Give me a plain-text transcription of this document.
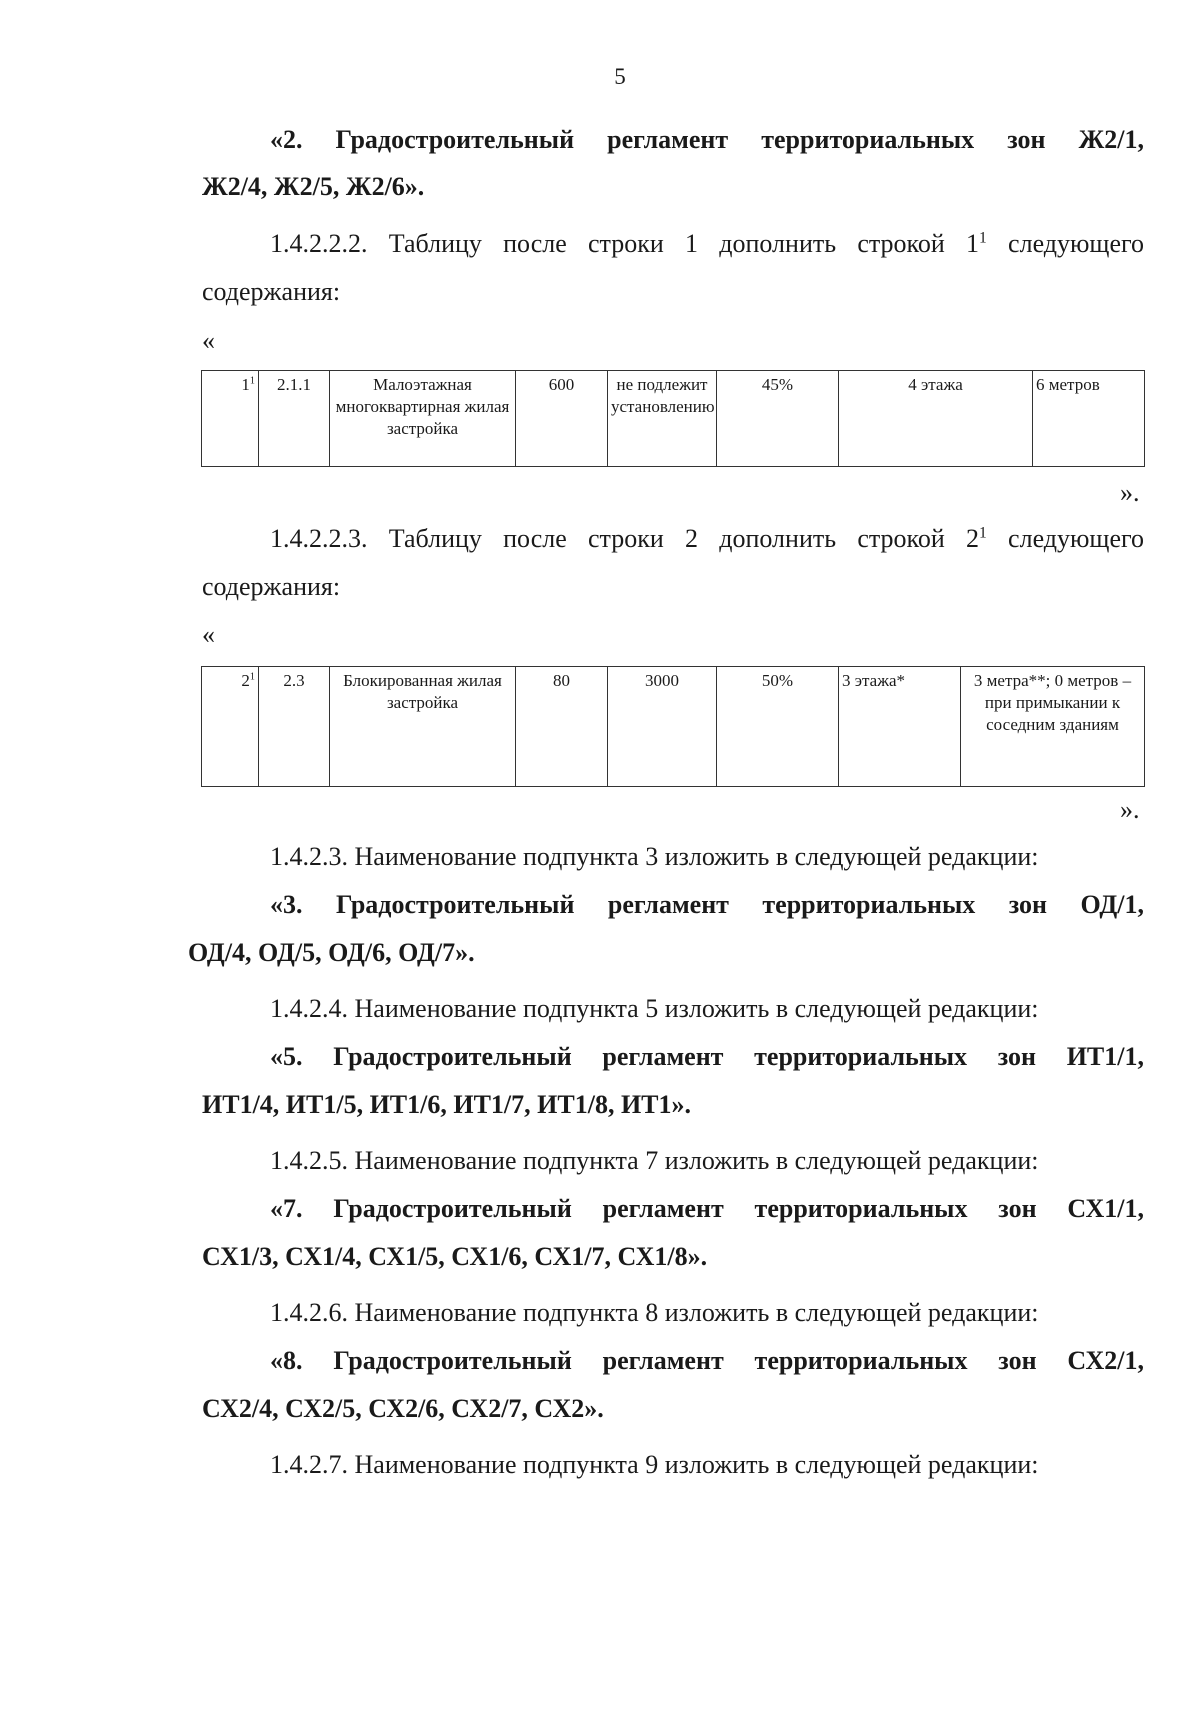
5
«2. Градостроительный регламент территориальных зон Ж2/1,
Ж2/4, Ж2/5, Ж2/6».
1.4.2.2.2. Таблицу после строки 1 дополнить строкой $1^1$ следующего
содержания:
«
$1^1$	2.1.1	Малоэтажная многоквартирная жилая застройка	600	не подлежит установлению	45%	4 этажа	6 метров
».
1.4.2.2.3. Таблицу после строки 2 дополнить строкой $2^1$ следующего
содержания:
«
$2^1$	2.3	Блокированная жилая застройка	80	3000	50%	3 этажа*	3 метра**; 0 метров – при примыкании к соседним зданиям
».
1.4.2.3. Наименование подпункта 3 изложить в следующей редакции:
«3. Градостроительный регламент территориальных зон ОД/1,
ОД/4, ОД/5, ОД/6, ОД/7».
1.4.2.4. Наименование подпункта 5 изложить в следующей редакции:
«5. Градостроительный регламент территориальных зон ИТ1/1,
ИТ1/4, ИТ1/5, ИТ1/6, ИТ1/7, ИТ1/8, ИТ1».
1.4.2.5. Наименование подпункта 7 изложить в следующей редакции:
«7. Градостроительный регламент территориальных зон СХ1/1,
СХ1/3, СХ1/4, СХ1/5, СХ1/6, СХ1/7, СХ1/8».
1.4.2.6. Наименование подпункта 8 изложить в следующей редакции:
«8. Градостроительный регламент территориальных зон СХ2/1,
СХ2/4, СХ2/5, СХ2/6, СХ2/7, СХ2».
1.4.2.7. Наименование подпункта 9 изложить в следующей редакции:
